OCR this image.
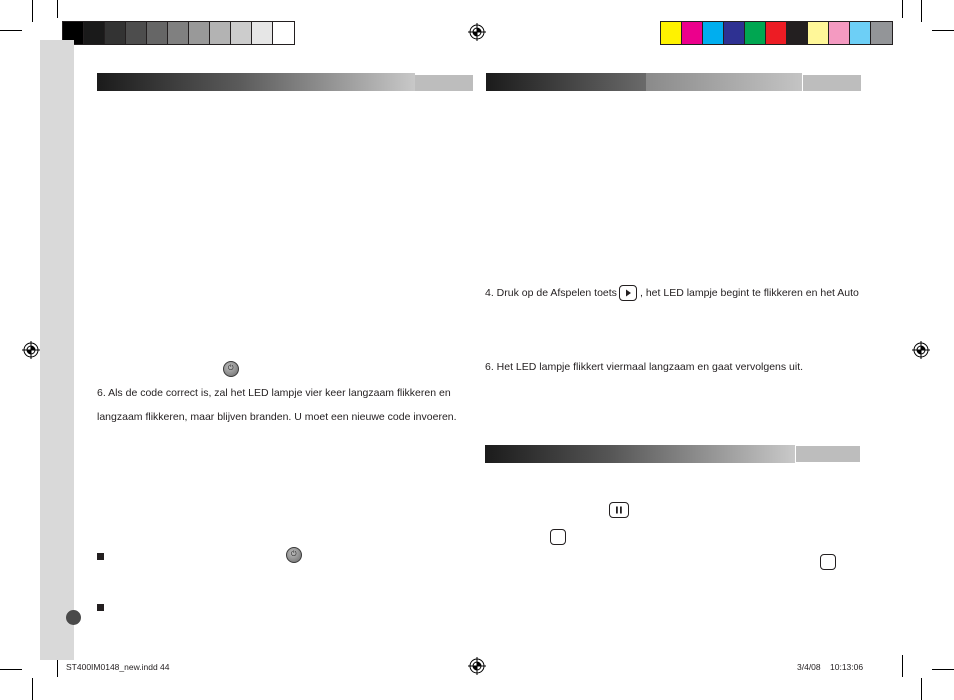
⏻
6. Als de code correct is, zal het LED lampje vier keer langzaam flikkeren en
langzaam flikkeren, maar blijven branden. U moet een nieuwe code invoeren.
⏻
4. Druk op de Afspelen toets , het LED lampje begint te flikkeren en het Auto
6. Het LED lampje flikkert viermaal langzaam en gaat vervolgens uit.
ST400IM0148_new.indd 44	3/4/08 10:13:06
